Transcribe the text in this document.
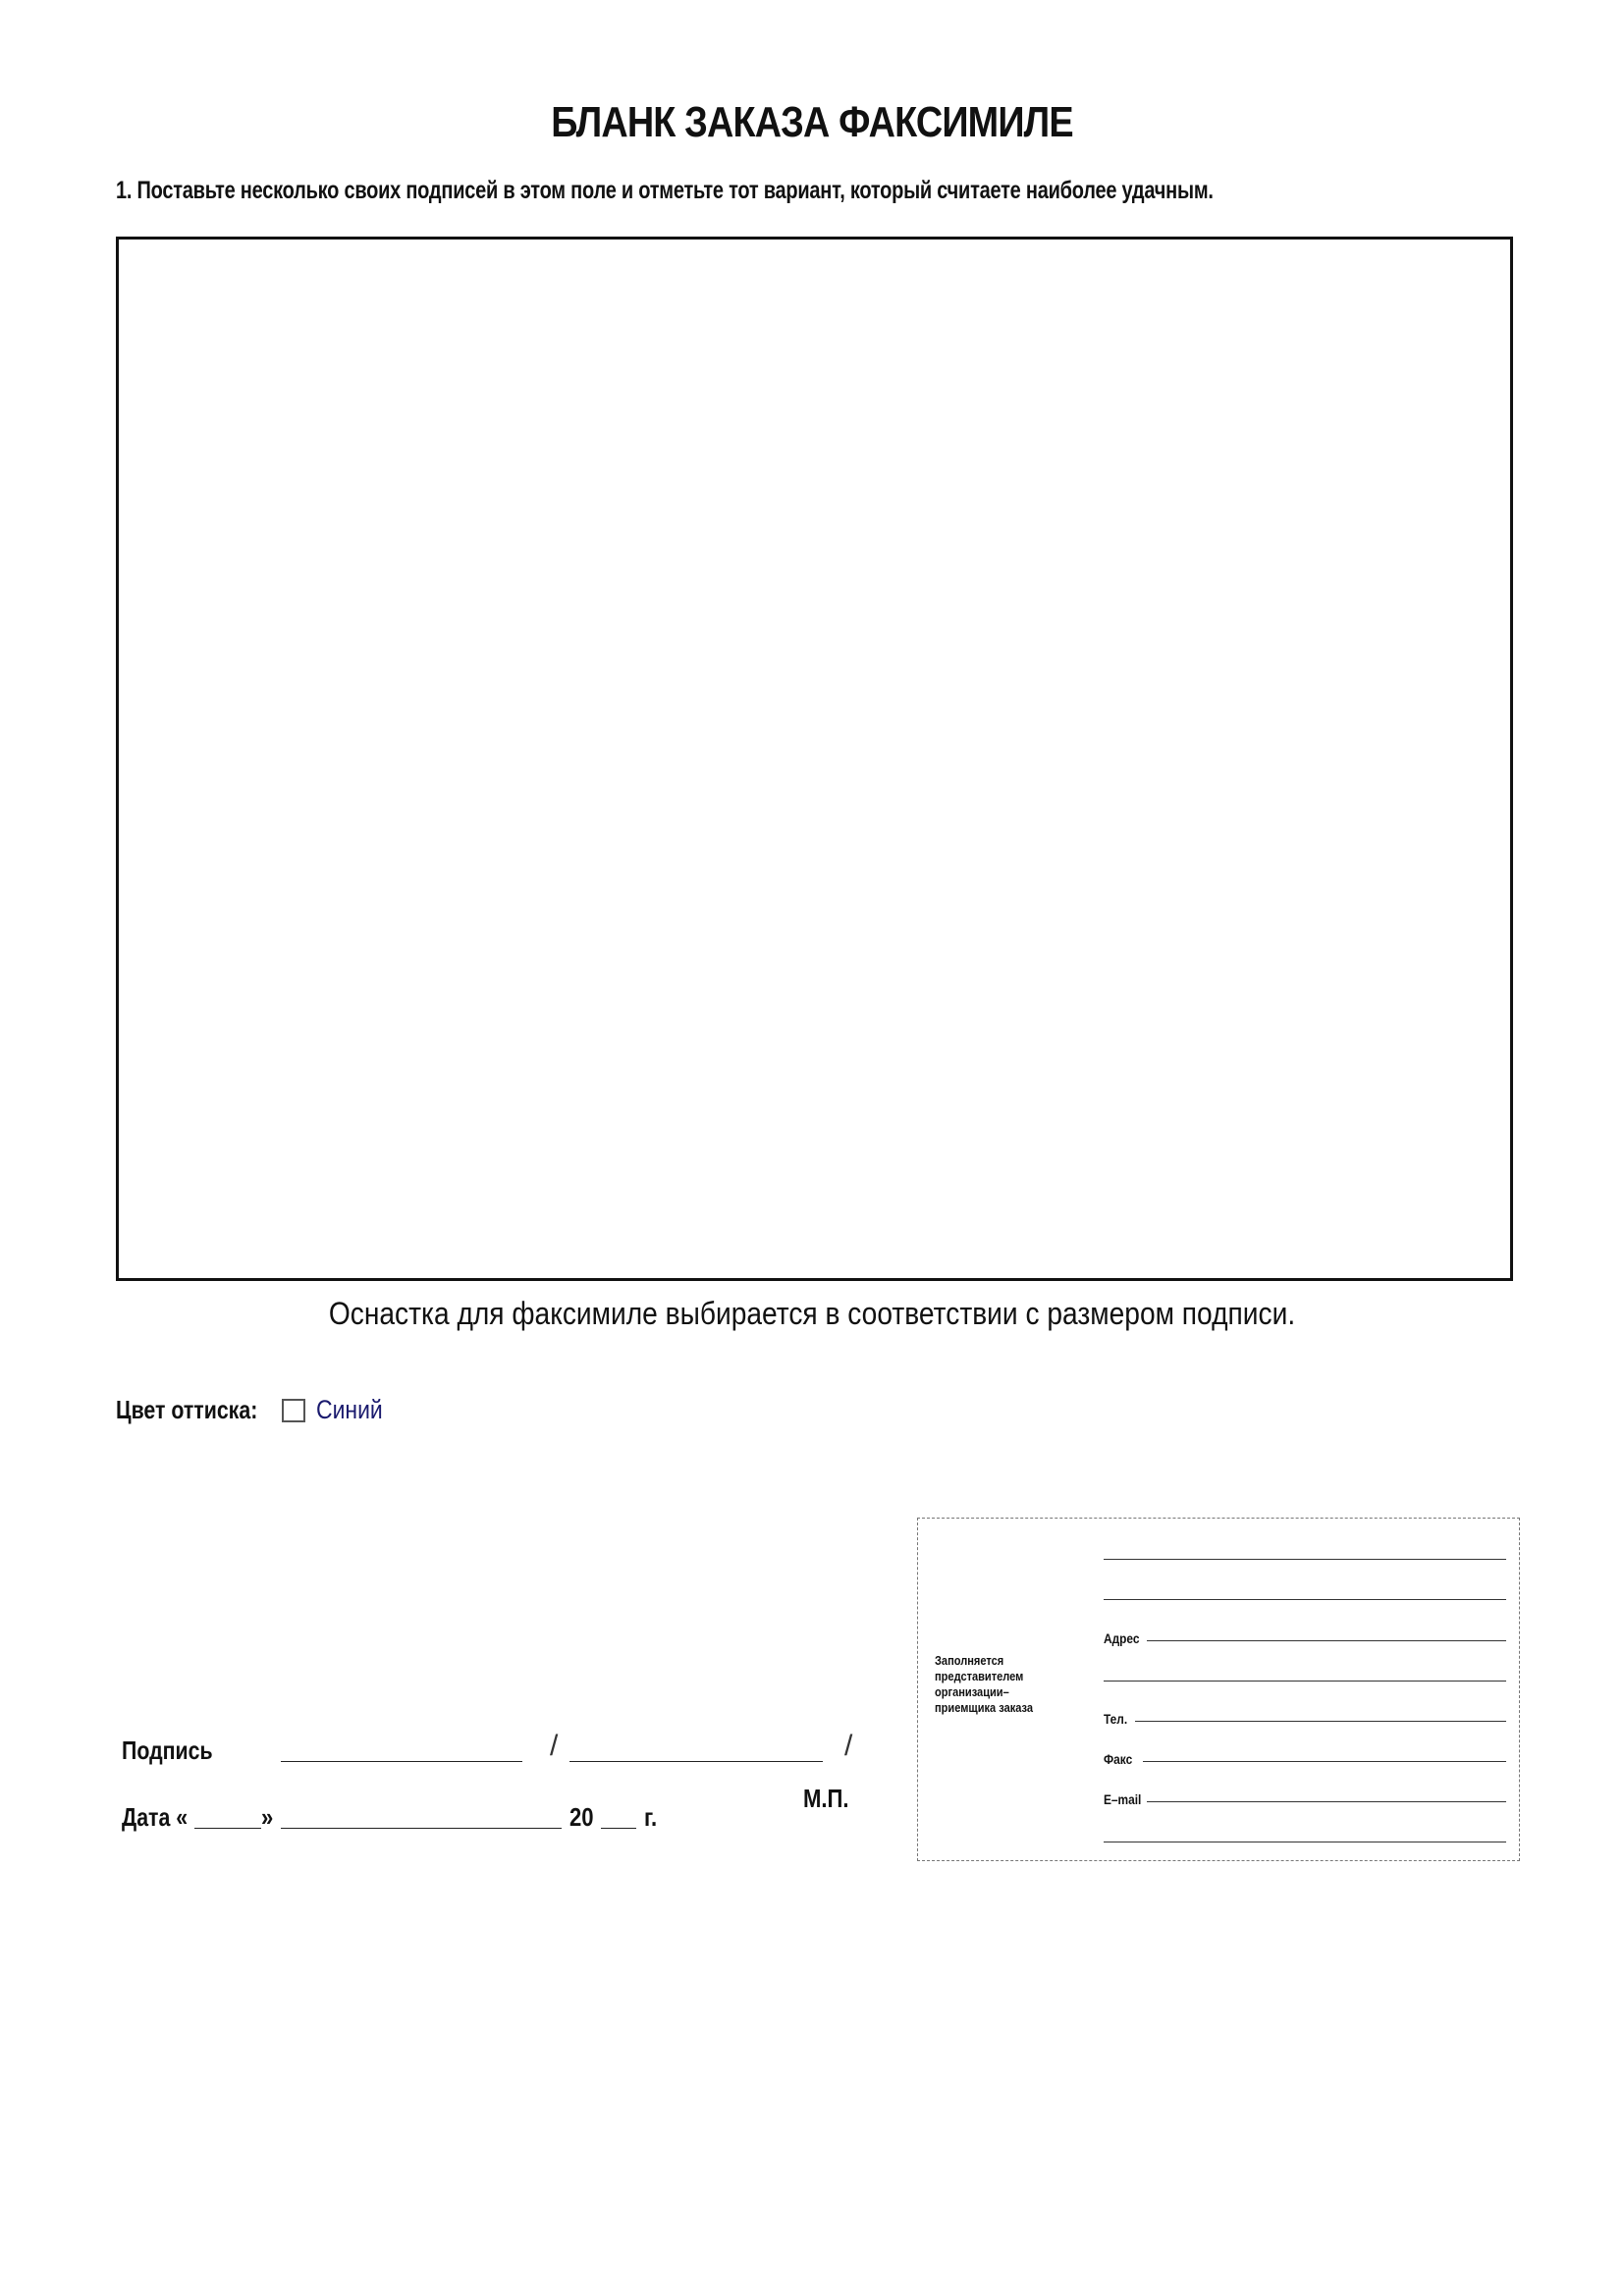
БЛАНК ЗАКАЗА ФАКСИМИЛЕ
1. Поставьте несколько своих подписей в этом поле и отметьте тот вариант, который считаете наиболее удачным.
Оснастка для факсимиле выбирается в соответствии с размером подписи.
Цвет оттиска: Синий
Подпись	/	/
М.П.
Дата «	»	20 г.
Заполняется представителем организации–приемщика заказа
Адрес
Тел.
Факс
E–mail
